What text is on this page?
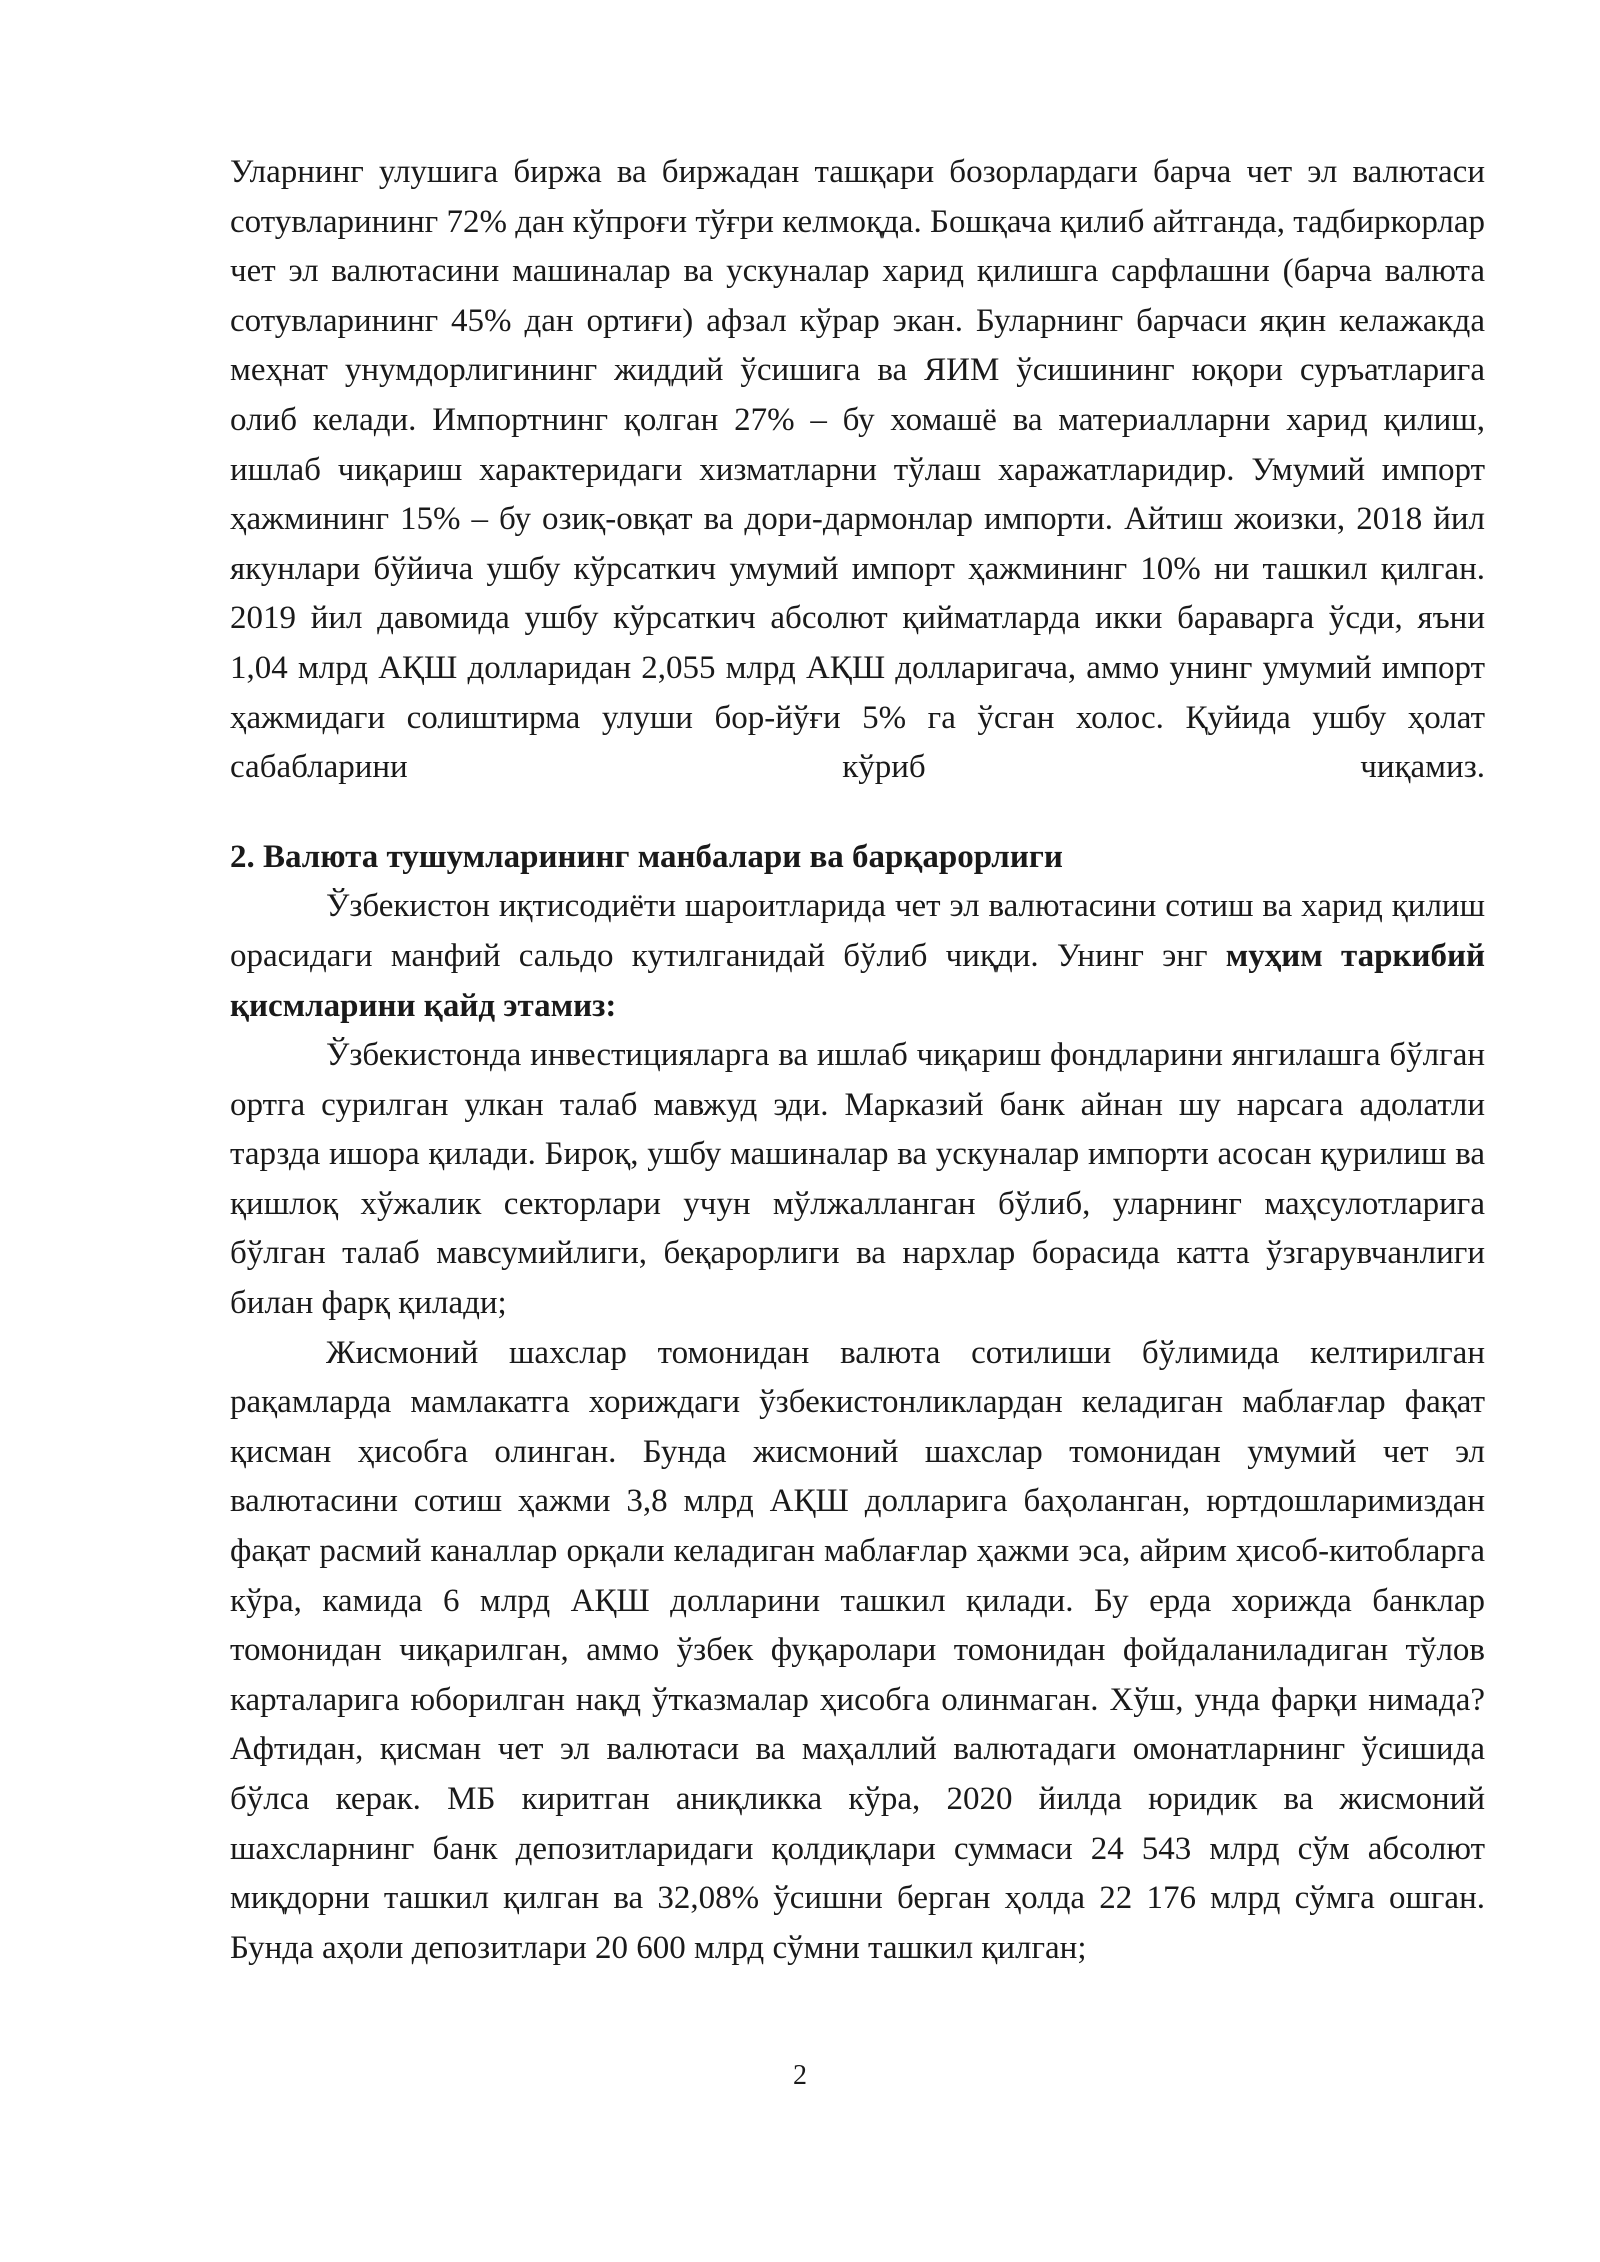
Уларнинг улушига биржа ва биржадан ташқари бозорлардаги барча чет эл валютаси сотувларининг 72% дан кўпроғи тўғри келмоқда. Бошқача қилиб айтганда, тадбиркорлар чет эл валютасини машиналар ва ускуналар харид қилишга сарфлашни (барча валюта сотувларининг 45% дан ортиғи) афзал кўрар экан. Буларнинг барчаси яқин келажакда меҳнат унумдорлигининг жиддий ўсишига ва ЯИМ ўсишининг юқори суръатларига олиб келади. Импортнинг қолган 27% – бу хомашё ва материалларни харид қилиш, ишлаб чиқариш характеридаги хизматларни тўлаш харажатларидир. Умумий импорт ҳажмининг 15% – бу озиқ-овқат ва дори-дармонлар импорти. Айтиш жоизки, 2018 йил якунлари бўйича ушбу кўрсаткич умумий импорт ҳажмининг 10% ни ташкил қилган. 2019 йил давомида ушбу кўрсаткич абсолют қийматларда икки бараварга ўсди, яъни 1,04 млрд АҚШ долларидан 2,055 млрд АҚШ долларигача, аммо унинг умумий импорт ҳажмидаги солиштирма улуши бор-йўғи 5% га ўсган холос. Қуйида ушбу ҳолат сабабларини кўриб чиқамиз.

2. Валюта тушумларининг манбалари ва барқарорлиги

Ўзбекистон иқтисодиёти шароитларида чет эл валютасини сотиш ва харид қилиш орасидаги манфий сальдо кутилганидай бўлиб чиқди. Унинг энг муҳим таркибий қисмларини қайд этамиз:

Ўзбекистонда инвестицияларга ва ишлаб чиқариш фондларини янгилашга бўлган ортга сурилган улкан талаб мавжуд эди. Марказий банк айнан шу нарсага адолатли тарзда ишора қилади. Бироқ, ушбу машиналар ва ускуналар импорти асосан қурилиш ва қишлоқ хўжалик секторлари учун мўлжалланган бўлиб, уларнинг маҳсулотларига бўлган талаб мавсумийлиги, беқарорлиги ва нархлар борасида катта ўзгарувчанлиги билан фарқ қилади;

Жисмоний шахслар томонидан валюта сотилиши бўлимида келтирилган рақамларда мамлакатга хориждаги ўзбекистонликлардан келадиган маблағлар фақат қисман ҳисобга олинган. Бунда жисмоний шахслар томонидан умумий чет эл валютасини сотиш ҳажми 3,8 млрд АҚШ долларига баҳоланган, юртдошларимиздан фақат расмий каналлар орқали келадиган маблағлар ҳажми эса, айрим ҳисоб-китобларга кўра, камида 6 млрд АҚШ долларини ташкил қилади. Бу ерда хорижда банклар томонидан чиқарилган, аммо ўзбек фуқаролари томонидан фойдаланиладиган тўлов карталарига юборилган нақд ўтказмалар ҳисобга олинмаган. Хўш, унда фарқи нимада? Афтидан, қисман чет эл валютаси ва маҳаллий валютадаги омонатларнинг ўсишида бўлса керак. МБ киритган аниқликка кўра, 2020 йилда юридик ва жисмоний шахсларнинг банк депозитларидаги қолдиқлари суммаси 24 543 млрд сўм абсолют миқдорни ташкил қилган ва 32,08% ўсишни берган ҳолда 22 176 млрд сўмга ошган. Бунда аҳоли депозитлари 20 600 млрд сўмни ташкил қилган;

2
